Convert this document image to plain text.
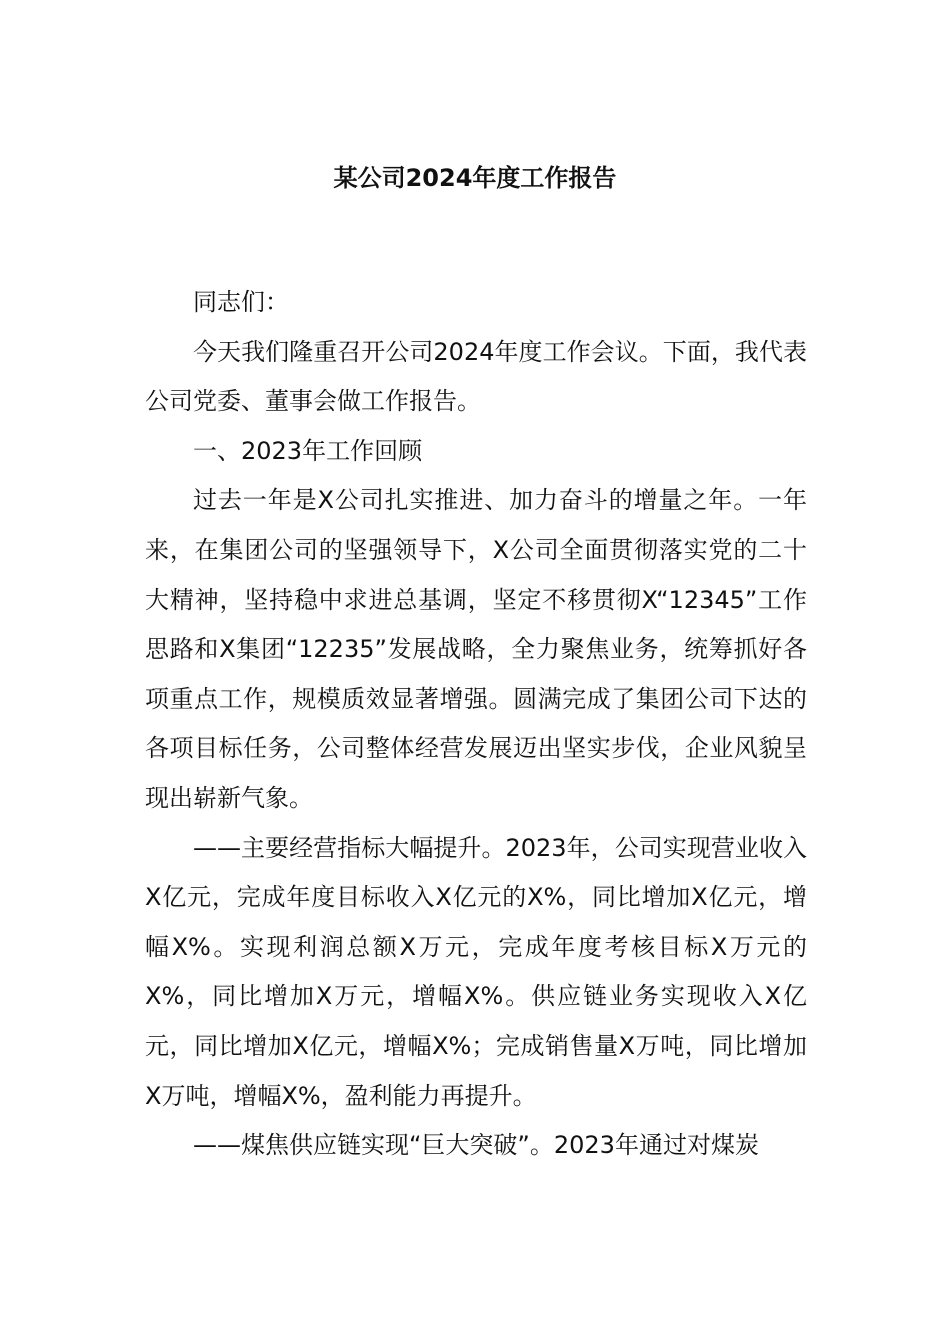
某公司2024年度工作报告

同志们：

今天我们隆重召开公司2024年度工作会议。下面，我代表公司党委、董事会做工作报告。

一、2023年工作回顾

过去一年是X公司扎实推进、加力奋斗的增量之年。一年来，在集团公司的坚强领导下，X公司全面贯彻落实党的二十大精神，坚持稳中求进总基调，坚定不移贯彻X“12345”工作思路和X集团“12235”发展战略，全力聚焦业务，统筹抓好各项重点工作，规模质效显著增强。圆满完成了集团公司下达的各项目标任务，公司整体经营发展迈出坚实步伐，企业风貌呈现出崭新气象。

——主要经营指标大幅提升。2023年，公司实现营业收入X亿元，完成年度目标收入X亿元的X%，同比增加X亿元，增幅X%。实现利润总额X万元，完成年度考核目标X万元的X%，同比增加X万元，增幅X%。供应链业务实现收入X亿元，同比增加X亿元，增幅X%；完成销售量X万吨，同比增加X万吨，增幅X%，盈利能力再提升。

——煤焦供应链实现“巨大突破”。2023年通过对煤炭
